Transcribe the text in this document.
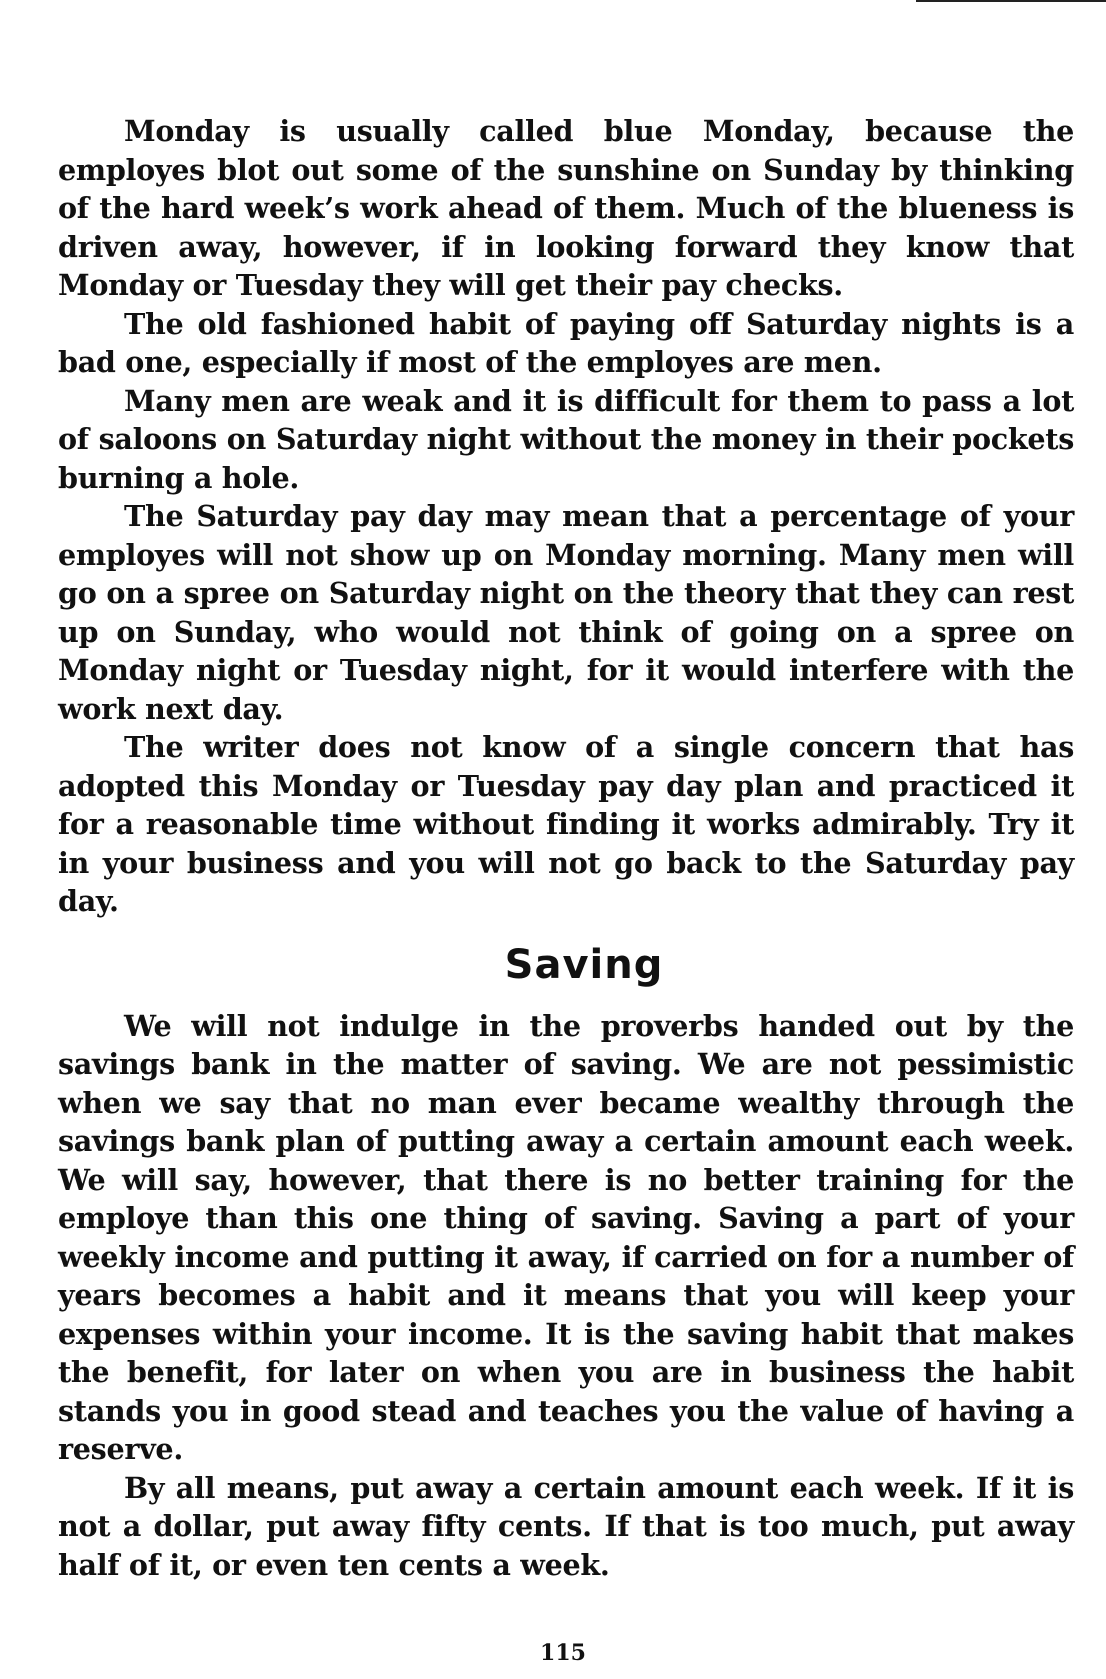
Monday is usually called blue Monday, because the employes blot out some of the sunshine on Sunday by thinking of the hard week’s work ahead of them. Much of the blueness is driven away, however, if in looking forward they know that Monday or Tuesday they will get their pay checks.

The old fashioned habit of paying off Saturday nights is a bad one, especially if most of the employes are men.

Many men are weak and it is difficult for them to pass a lot of saloons on Saturday night without the money in their pockets burning a hole.

The Saturday pay day may mean that a percentage of your employes will not show up on Monday morning. Many men will go on a spree on Saturday night on the theory that they can rest up on Sunday, who would not think of going on a spree on Monday night or Tuesday night, for it would interfere with the work next day.

The writer does not know of a single concern that has adopted this Monday or Tuesday pay day plan and practiced it for a reasonable time without finding it works admirably. Try it in your business and you will not go back to the Saturday pay day.

Saving

We will not indulge in the proverbs handed out by the savings bank in the matter of saving. We are not pessimistic when we say that no man ever became wealthy through the savings bank plan of putting away a certain amount each week. We will say, however, that there is no better training for the employe than this one thing of saving. Saving a part of your weekly income and putting it away, if carried on for a number of years becomes a habit and it means that you will keep your expenses within your income. It is the saving habit that makes the benefit, for later on when you are in business the habit stands you in good stead and teaches you the value of having a reserve.

By all means, put away a certain amount each week. If it is not a dollar, put away fifty cents. If that is too much, put away half of it, or even ten cents a week.

115
